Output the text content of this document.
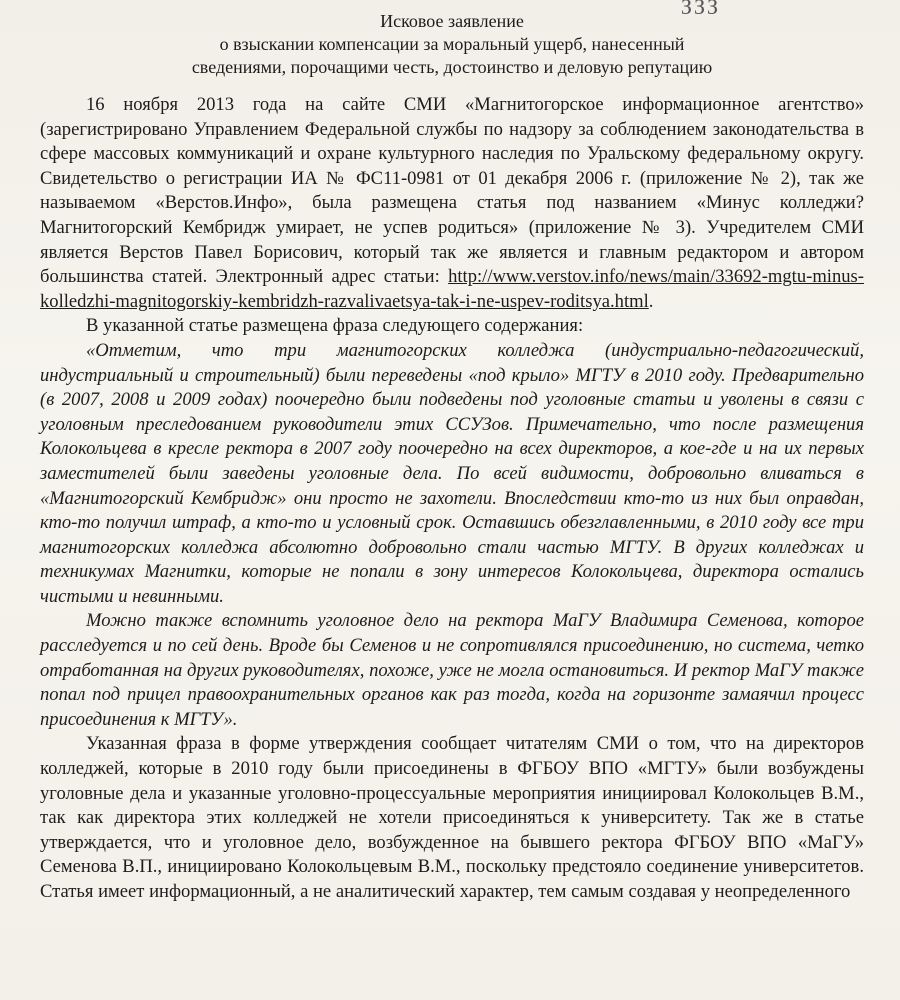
ЗЗЗ
Исковое заявление
о взыскании компенсации за моральный ущерб, нанесенный
сведениями, порочащими честь, достоинство и деловую репутацию

16 ноября 2013 года на сайте СМИ «Магнитогорское информационное агентство» (зарегистрировано Управлением Федеральной службы по надзору за соблюдением законодательства в сфере массовых коммуникаций и охране культурного наследия по Уральскому федеральному округу. Свидетельство о регистрации ИА № ФС11-0981 от 01 декабря 2006 г. (приложение № 2), так же называемом «Верстов.Инфо», была размещена статья под названием «Минус колледжи? Магнитогорский Кембридж умирает, не успев родиться» (приложение № 3). Учредителем СМИ является Верстов Павел Борисович, который так же является и главным редактором и автором большинства статей. Электронный адрес статьи: http://www.verstov.info/news/main/33692-mgtu-minus-kolledzhi-magnitogorskiy-kembridzh-razvalivaetsya-tak-i-ne-uspev-roditsya.html.

В указанной статье размещена фраза следующего содержания:

«Отметим, что три магнитогорских колледжа (индустриально-педагогический, индустриальный и строительный) были переведены «под крыло» МГТУ в 2010 году. Предварительно (в 2007, 2008 и 2009 годах) поочередно были подведены под уголовные статьи и уволены в связи с уголовным преследованием руководители этих ССУЗов. Примечательно, что после размещения Колокольцева в кресле ректора в 2007 году поочередно на всех директоров, а кое-где и на их первых заместителей были заведены уголовные дела. По всей видимости, добровольно вливаться в «Магнитогорский Кембридж» они просто не захотели. Впоследствии кто-то из них был оправдан, кто-то получил штраф, а кто-то и условный срок. Оставшись обезглавленными, в 2010 году все три магнитогорских колледжа абсолютно добровольно стали частью МГТУ. В других колледжах и техникумах Магнитки, которые не попали в зону интересов Колокольцева, директора остались чистыми и невинными.

Можно также вспомнить уголовное дело на ректора МаГУ Владимира Семенова, которое расследуется и по сей день. Вроде бы Семенов и не сопротивлялся присоединению, но система, четко отработанная на других руководителях, похоже, уже не могла остановиться. И ректор МаГУ также попал под прицел правоохранительных органов как раз тогда, когда на горизонте замаячил процесс присоединения к МГТУ».

Указанная фраза в форме утверждения сообщает читателям СМИ о том, что на директоров колледжей, которые в 2010 году были присоединены в ФГБОУ ВПО «МГТУ» были возбуждены уголовные дела и указанные уголовно-процессуальные мероприятия инициировал Колокольцев В.М., так как директора этих колледжей не хотели присоединяться к университету. Так же в статье утверждается, что и уголовное дело, возбужденное на бывшего ректора ФГБОУ ВПО «МаГУ» Семенова В.П., инициировано Колокольцевым В.М., поскольку предстояло соединение университетов. Статья имеет информационный, а не аналитический характер, тем самым создавая у неопределенного
